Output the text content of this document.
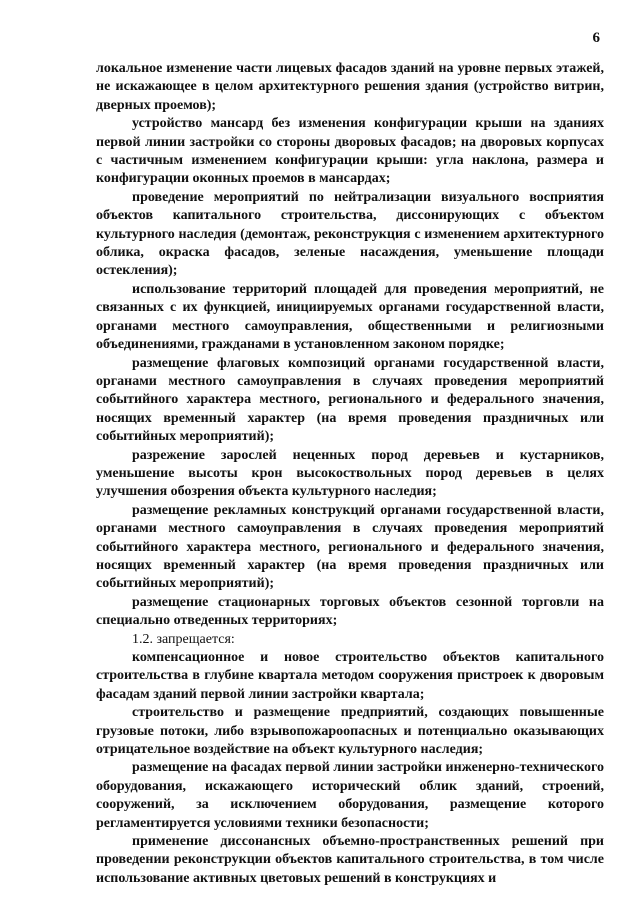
6

локальное изменение части лицевых фасадов зданий на уровне первых этажей, не искажающее в целом архитектурного решения здания (устройство витрин, дверных проемов);

устройство мансард без изменения конфигурации крыши на зданиях первой линии застройки со стороны дворовых фасадов; на дворовых корпусах с частичным изменением конфигурации крыши: угла наклона, размера и конфигурации оконных проемов в мансардах;

проведение мероприятий по нейтрализации визуального восприятия объектов капитального строительства, диссонирующих с объектом культурного наследия (демонтаж, реконструкция с изменением архитектурного облика, окраска фасадов, зеленые насаждения, уменьшение площади остекления);

использование территорий площадей для проведения мероприятий, не связанных с их функцией, инициируемых органами государственной власти, органами местного самоуправления, общественными и религиозными объединениями, гражданами в установленном законом порядке;

размещение флаговых композиций органами государственной власти, органами местного самоуправления в случаях проведения мероприятий событийного характера местного, регионального и федерального значения, носящих временный характер (на время проведения праздничных или событийных мероприятий);

разрежение зарослей неценных пород деревьев и кустарников, уменьшение высоты крон высокоствольных пород деревьев в целях улучшения обозрения объекта культурного наследия;

размещение рекламных конструкций органами государственной власти, органами местного самоуправления в случаях проведения мероприятий событийного характера местного, регионального и федерального значения, носящих временный характер (на время проведения праздничных или событийных мероприятий);

размещение стационарных торговых объектов сезонной торговли на специально отведенных территориях;

1.2. запрещается:

компенсационное и новое строительство объектов капитального строительства в глубине квартала методом сооружения пристроек к дворовым фасадам зданий первой линии застройки квартала;

строительство и размещение предприятий, создающих повышенные грузовые потоки, либо взрывопожароопасных и потенциально оказывающих отрицательное воздействие на объект культурного наследия;

размещение на фасадах первой линии застройки инженерно-технического оборудования, искажающего исторический облик зданий, строений, сооружений, за исключением оборудования, размещение которого регламентируется условиями техники безопасности;

применение диссонансных объемно-пространственных решений при проведении реконструкции объектов капитального строительства, в том числе использование активных цветовых решений в конструкциях и
